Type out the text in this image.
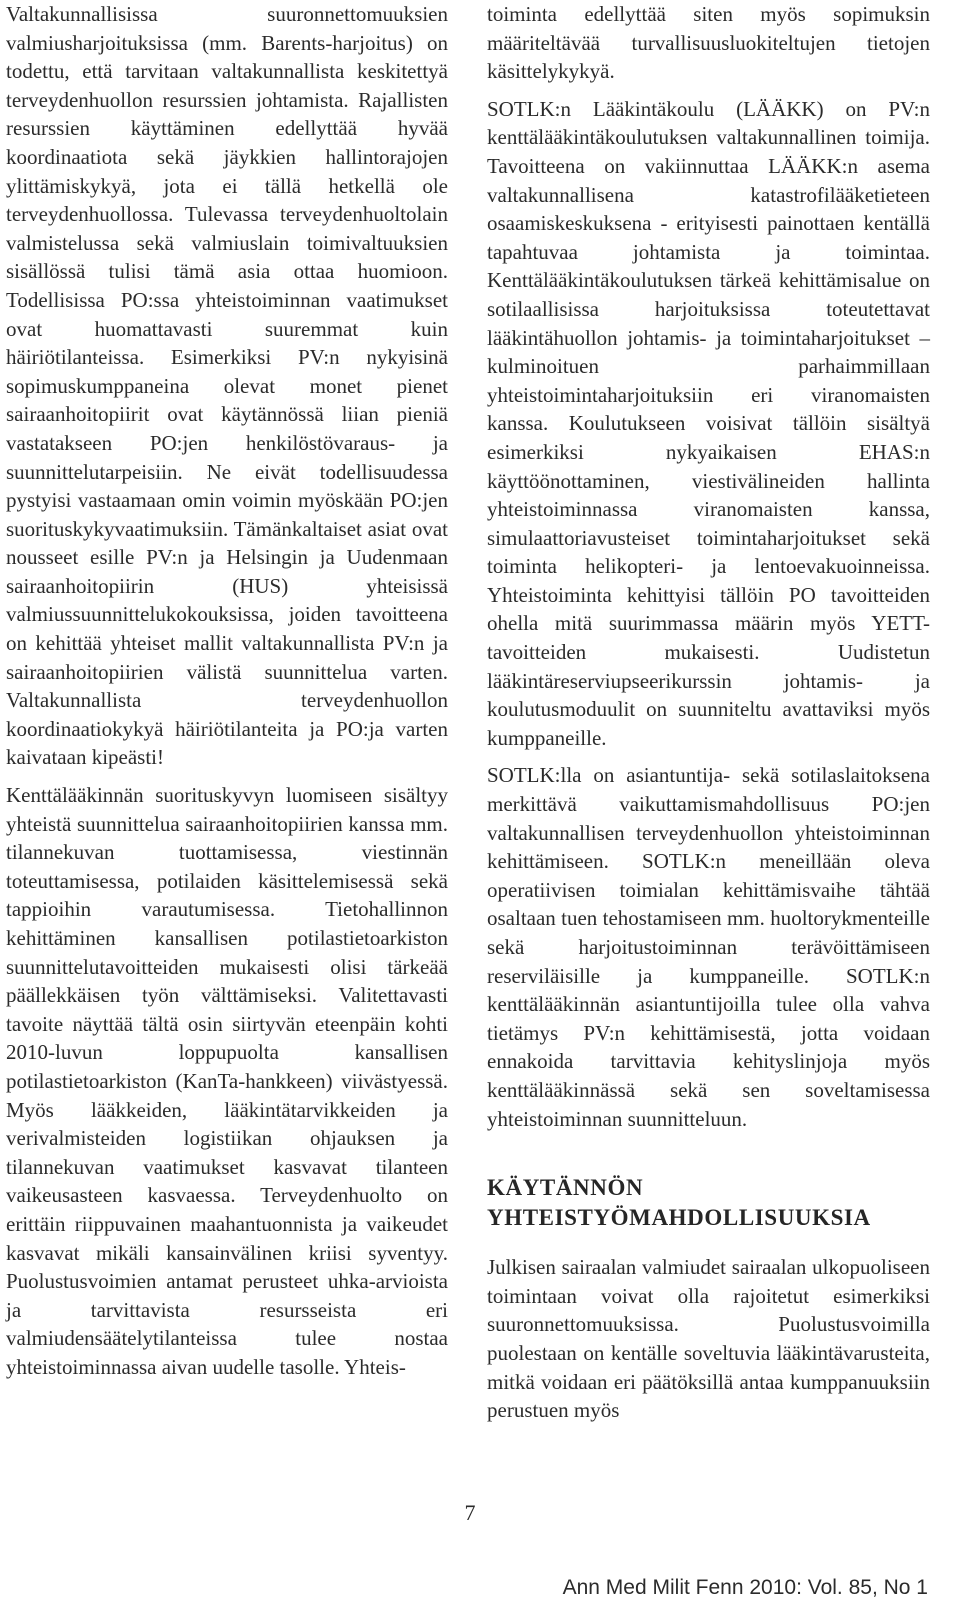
Valtakunnallisissa suuronnettomuuksien valmiusharjoituksissa (mm. Barents-harjoitus) on todettu, että tarvitaan valtakunnallista keskitettyä terveydenhuollon resurssien johtamista. Rajallisten resurssien käyttäminen edellyttää hyvää koordinaatiota sekä jäykkien hallintorajojen ylittämiskykyä, jota ei tällä hetkellä ole terveydenhuollossa. Tulevassa terveydenhuoltolain valmistelussa sekä valmiuslain toimivaltuuksien sisällössä tulisi tämä asia ottaa huomioon. Todellisissa PO:ssa yhteistoiminnan vaatimukset ovat huomattavasti suuremmat kuin häiriötilanteissa. Esimerkiksi PV:n nykyisinä sopimuskumppaneina olevat monet pienet sairaanhoitopiirit ovat käytännössä liian pieniä vastatakseen PO:jen henkilöstövaraus- ja suunnittelutarpeisiin. Ne eivät todellisuudessa pystyisi vastaamaan omin voimin myöskään PO:jen suorituskykyvaatimuksiin. Tämänkaltaiset asiat ovat nousseet esille PV:n ja Helsingin ja Uudenmaan sairaanhoitopiirin (HUS) yhteisissä valmiussuunnittelukokouksissa, joiden tavoitteena on kehittää yhteiset mallit valtakunnallista PV:n ja sairaanhoitopiirien välistä suunnittelua varten. Valtakunnallista terveydenhuollon koordinaatiokykyä häiriötilanteita ja PO:ja varten kaivataan kipeästi!

Kenttälääkinnän suorituskyvyn luomiseen sisältyy yhteistä suunnittelua sairaanhoitopiirien kanssa mm. tilannekuvan tuottamisessa, viestinnän toteuttamisessa, potilaiden käsittelemisessä sekä tappioihin varautumisessa. Tietohallinnon kehittäminen kansallisen potilastietoarkiston suunnittelutavoitteiden mukaisesti olisi tärkeää päällekkäisen työn välttämiseksi. Valitettavasti tavoite näyttää tältä osin siirtyvän eteenpäin kohti 2010-luvun loppupuolta kansallisen potilastietoarkiston (KanTa-hankkeen) viivästyessä. Myös lääkkeiden, lääkintätarvikkeiden ja verivalmisteiden logistiikan ohjauksen ja tilannekuvan vaatimukset kasvavat tilanteen vaikeusasteen kasvaessa. Terveydenhuolto on erittäin riippuvainen maahantuonnista ja vaikeudet kasvavat mikäli kansainvälinen kriisi syventyy. Puolustusvoimien antamat perusteet uhka-arvioista ja tarvittavista resursseista eri valmiudensäätelytilanteissa tulee nostaa yhteistoiminnassa aivan uudelle tasolle. Yhteis-

toiminta edellyttää siten myös sopimuksin määriteltävää turvallisuusluokiteltujen tietojen käsittelykykyä.

SOTLK:n Lääkintäkoulu (LÄÄKK) on PV:n kenttälääkintäkoulutuksen valtakunnallinen toimija. Tavoitteena on vakiinnuttaa LÄÄKK:n asema valtakunnallisena katastrofilääketieteen osaamiskeskuksena - erityisesti painottaen kentällä tapahtuvaa johtamista ja toimintaa. Kenttälääkintäkoulutuksen tärkeä kehittämisalue on sotilaallisissa harjoituksissa toteutettavat lääkintähuollon johtamis- ja toimintaharjoitukset – kulminoituen parhaimmillaan yhteistoimintaharjoituksiin eri viranomaisten kanssa. Koulutukseen voisivat tällöin sisältyä esimerkiksi nykyaikaisen EHAS:n käyttöönottaminen, viestivälineiden hallinta yhteistoiminnassa viranomaisten kanssa, simulaattoriavusteiset toimintaharjoitukset sekä toiminta helikopteri- ja lentoevakuoinneissa. Yhteistoiminta kehittyisi tällöin PO tavoitteiden ohella mitä suurimmassa määrin myös YETT-tavoitteiden mukaisesti. Uudistetun lääkintäreserviupseerikurssin johtamis- ja koulutusmoduulit on suunniteltu avattaviksi myös kumppaneille.

SOTLK:lla on asiantuntija- sekä sotilaslaitoksena merkittävä vaikuttamismahdollisuus PO:jen valtakunnallisen terveydenhuollon yhteistoiminnan kehittämiseen. SOTLK:n meneillään oleva operatiivisen toimialan kehittämisvaihe tähtää osaltaan tuen tehostamiseen mm. huoltorykmenteille sekä harjoitustoiminnan terävöittämiseen reserviläisille ja kumppaneille. SOTLK:n kenttälääkinnän asiantuntijoilla tulee olla vahva tietämys PV:n kehittämisestä, jotta voidaan ennakoida tarvittavia kehityslinjoja myös kenttälääkinnässä sekä sen soveltamisessa yhteistoiminnan suunnitteluun.

KÄYTÄNNÖN
YHTEISTYÖMAHDOLLISUUKSIA

Julkisen sairaalan valmiudet sairaalan ulkopuoliseen toimintaan voivat olla rajoitetut esimerkiksi suuronnettomuuksissa. Puolustusvoimilla puolestaan on kentälle soveltuvia lääkintävarusteita, mitkä voidaan eri päätöksillä antaa kumppanuuksiin perustuen myös

7
Ann Med Milit Fenn 2010: Vol. 85, No 1
